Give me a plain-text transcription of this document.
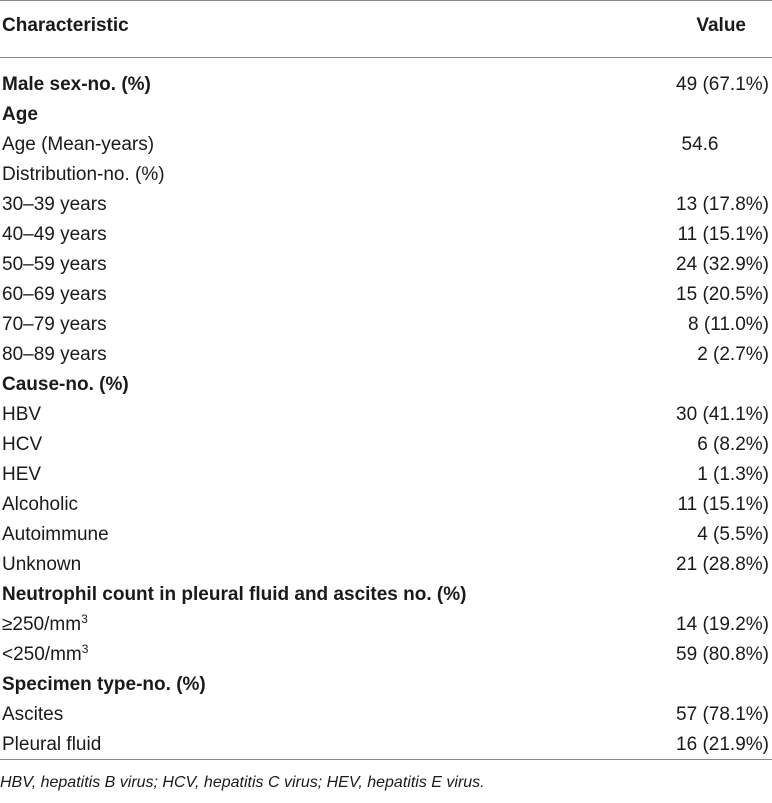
Characteristic	Value
Male sex-no. (%)	49 (67.1%)
Age
Age (Mean-years)	54.6
Distribution-no. (%)
30–39 years	13 (17.8%)
40–49 years	11 (15.1%)
50–59 years	24 (32.9%)
60–69 years	15 (20.5%)
70–79 years	8 (11.0%)
80–89 years	2 (2.7%)
Cause-no. (%)
HBV	30 (41.1%)
HCV	6 (8.2%)
HEV	1 (1.3%)
Alcoholic	11 (15.1%)
Autoimmune	4 (5.5%)
Unknown	21 (28.8%)
Neutrophil count in pleural fluid and ascites no. (%)
$\ge 250/mm^3$	14 (19.2%)
$<250/mm^3$	59 (80.8%)
Specimen type-no. (%)
Ascites	57 (78.1%)
Pleural fluid	16 (21.9%)
HBV, hepatitis B virus; HCV, hepatitis C virus; HEV, hepatitis E virus.
